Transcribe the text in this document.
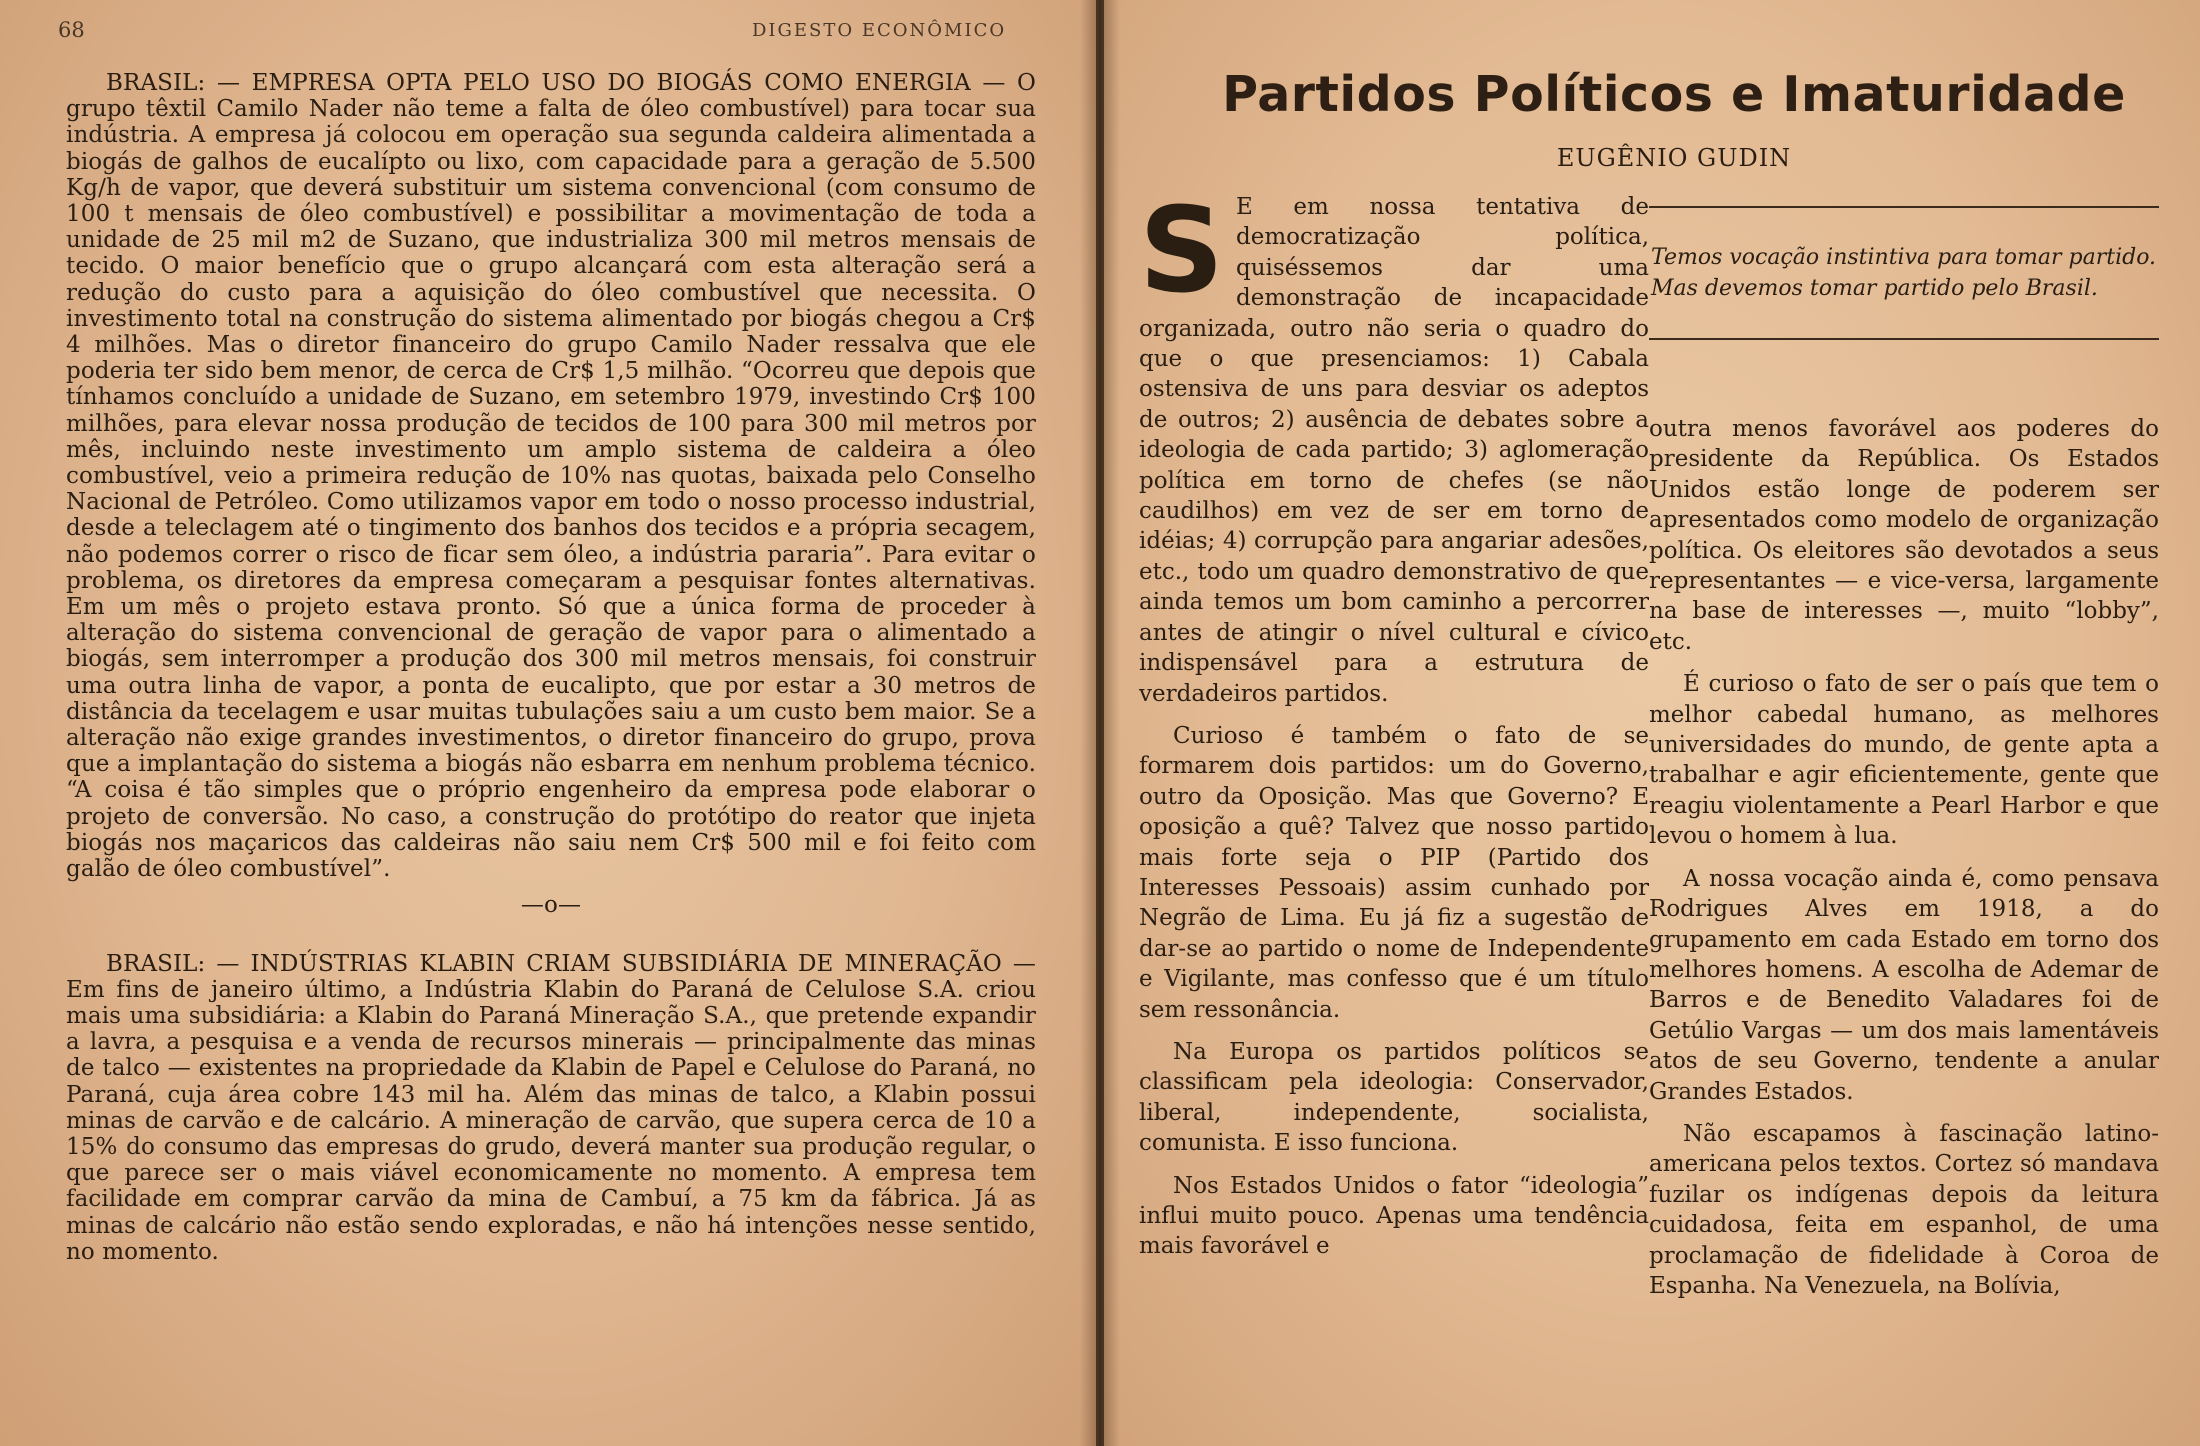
68	DIGESTO ECONÔMICO

BRASIL: — EMPRESA OPTA PELO USO DO BIOGÁS COMO ENERGIA — O grupo têxtil Camilo Nader não teme a falta de óleo combustível) para tocar sua indústria. A empresa já colocou em operação sua segunda caldeira alimentada a biogás de galhos de eucalípto ou lixo, com capacidade para a geração de 5.500 Kg/h de vapor, que deverá substituir um sistema convencional (com consumo de 100 t mensais de óleo combustível) e possibilitar a movimentação de toda a unidade de 25 mil m2 de Suzano, que industrializa 300 mil metros mensais de tecido. O maior benefício que o grupo alcançará com esta alteração será a redução do custo para a aquisição do óleo combustível que necessita. O investimento total na construção do sistema alimentado por biogás chegou a Cr$ 4 milhões. Mas o diretor financeiro do grupo Camilo Nader ressalva que ele poderia ter sido bem menor, de cerca de Cr$ 1,5 milhão. “Ocorreu que depois que tínhamos concluído a unidade de Suzano, em setembro 1979, investindo Cr$ 100 milhões, para elevar nossa produção de tecidos de 100 para 300 mil metros por mês, incluindo neste investimento um amplo sistema de caldeira a óleo combustível, veio a primeira redução de 10% nas quotas, baixada pelo Conselho Nacional de Petróleo. Como utilizamos vapor em todo o nosso processo industrial, desde a teleclagem até o tingimento dos banhos dos tecidos e a própria secagem, não podemos correr o risco de ficar sem óleo, a indústria pararia”. Para evitar o problema, os diretores da empresa começaram a pesquisar fontes alternativas. Em um mês o projeto estava pronto. Só que a única forma de proceder à alteração do sistema convencional de geração de vapor para o alimentado a biogás, sem interromper a produção dos 300 mil metros mensais, foi construir uma outra linha de vapor, a ponta de eucalipto, que por estar a 30 metros de distância da tecelagem e usar muitas tubulações saiu a um custo bem maior. Se a alteração não exige grandes investimentos, o diretor financeiro do grupo, prova que a implantação do sistema a biogás não esbarra em nenhum problema técnico. “A coisa é tão simples que o próprio engenheiro da empresa pode elaborar o projeto de conversão. No caso, a construção do protótipo do reator que injeta biogás nos maçaricos das caldeiras não saiu nem Cr$ 500 mil e foi feito com galão de óleo combustível”.

—o—

BRASIL: — INDÚSTRIAS KLABIN CRIAM SUBSIDIÁRIA DE MINERAÇÃO — Em fins de janeiro último, a Indústria Klabin do Paraná de Celulose S.A. criou mais uma subsidiária: a Klabin do Paraná Mineração S.A., que pretende expandir a lavra, a pesquisa e a venda de recursos minerais — principalmente das minas de talco — existentes na propriedade da Klabin de Papel e Celulose do Paraná, no Paraná, cuja área cobre 143 mil ha. Além das minas de talco, a Klabin possui minas de carvão e de calcário. A mineração de carvão, que supera cerca de 10 a 15% do consumo das empresas do grudo, deverá manter sua produção regular, o que parece ser o mais viável economicamente no momento. A empresa tem facilidade em comprar carvão da mina de Cambuí, a 75 km da fábrica. Já as minas de calcário não estão sendo exploradas, e não há intenções nesse sentido, no momento.

Partidos Políticos e Imaturidade
EUGÊNIO GUDIN

S E em nossa tentativa de democratização política, quiséssemos dar uma demonstração de incapacidade organizada, outro não seria o quadro do que o que presenciamos: 1) Cabala ostensiva de uns para desviar os adeptos de outros; 2) ausência de debates sobre a ideologia de cada partido; 3) aglomeração política em torno de chefes (se não caudilhos) em vez de ser em torno de idéias; 4) corrupção para angariar adesões, etc., todo um quadro demonstrativo de que ainda temos um bom caminho a percorrer antes de atingir o nível cultural e cívico indispensável para a estrutura de verdadeiros partidos.

Curioso é também o fato de se formarem dois partidos: um do Governo, outro da Oposição. Mas que Governo? E oposição a quê? Talvez que nosso partido mais forte seja o PIP (Partido dos Interesses Pessoais) assim cunhado por Negrão de Lima. Eu já fiz a sugestão de dar-se ao partido o nome de Independente e Vigilante, mas confesso que é um título sem ressonância.

Na Europa os partidos políticos se classificam pela ideologia: Conservador, liberal, independente, socialista, comunista. E isso funciona.

Nos Estados Unidos o fator “ideologia” influi muito pouco. Apenas uma tendência mais favorável e

Temos vocação instintiva para tomar partido. Mas devemos tomar partido pelo Brasil.

outra menos favorável aos poderes do presidente da República. Os Estados Unidos estão longe de poderem ser apresentados como modelo de organização política. Os eleitores são devotados a seus representantes — e vice-versa, largamente na base de interesses —, muito “lobby”, etc.

É curioso o fato de ser o país que tem o melhor cabedal humano, as melhores universidades do mundo, de gente apta a trabalhar e agir eficientemente, gente que reagiu violentamente a Pearl Harbor e que levou o homem à lua.

A nossa vocação ainda é, como pensava Rodrigues Alves em 1918, a do grupamento em cada Estado em torno dos melhores homens. A escolha de Ademar de Barros e de Benedito Valadares foi de Getúlio Vargas — um dos mais lamentáveis atos de seu Governo, tendente a anular Grandes Estados.

Não escapamos à fascinação latino-americana pelos textos. Cortez só mandava fuzilar os indígenas depois da leitura cuidadosa, feita em espanhol, de uma proclamação de fidelidade à Coroa de Espanha. Na Venezuela, na Bolívia,
